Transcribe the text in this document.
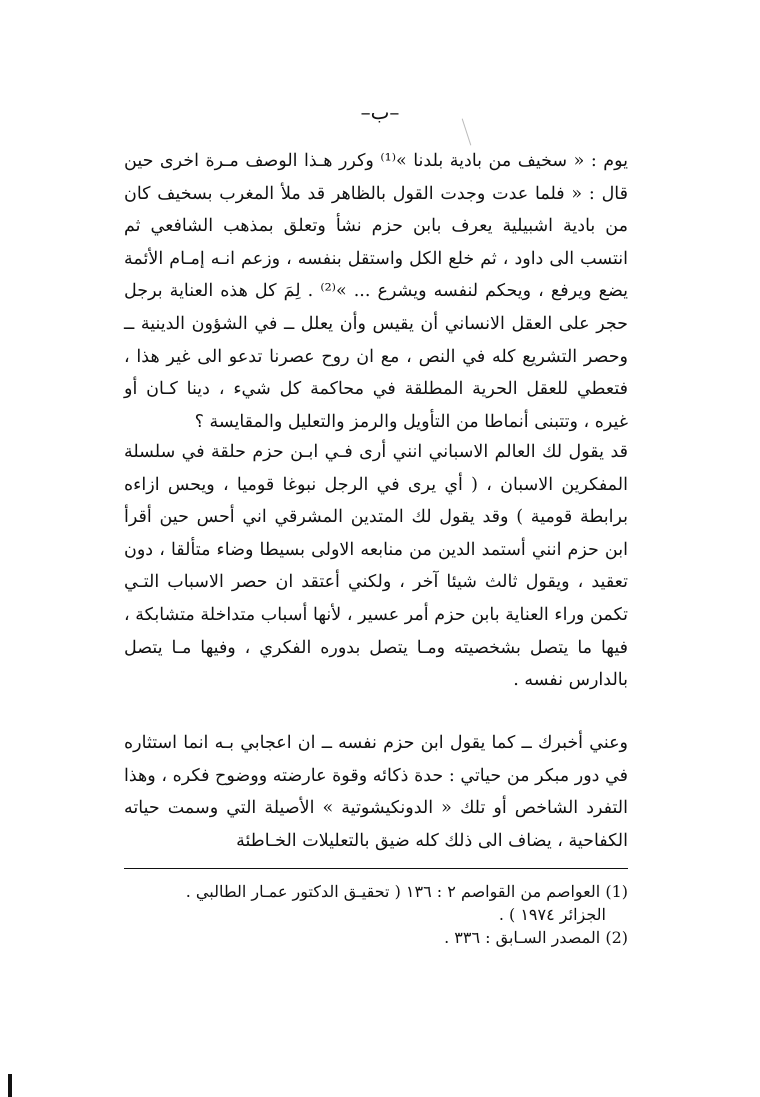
–ب–

يوم : « سخيف من بادية بلدنا »⁽¹⁾ وكرر هـذا الوصف مـرة اخرى حين قال : « فلما عدت وجدت القول بالظاهر قد ملأ المغرب بسخيف كان من بادية اشبيلية يعرف بابن حزم نشأ وتعلق بمذهب الشافعي ثم انتسب الى داود ، ثم خلع الكل واستقل بنفسه ، وزعم انـه إمـام الأئمة يضع ويرفع ، ويحكم لنفسه ويشرع ... »⁽²⁾ . لِمَ كل هذه العناية برجل حجر على العقل الانساني أن يقيس وأن يعلل ــ في الشؤون الدينية ــ وحصر التشريع كله في النص ، مع ان روح عصرنا تدعو الى غير هذا ، فتعطي للعقل الحرية المطلقة في محاكمة كل شيء ، دينا كـان أو غيره ، وتتبنى أنماطا من التأويل والرمز والتعليل والمقايسة ؟

قد يقول لك العالم الاسباني انني أرى فـي ابـن حزم حلقة في سلسلة المفكرين الاسبان ، ( أي يرى في الرجل نبوغا قوميا ، ويحس ازاءه برابطة قومية ) وقد يقول لك المتدين المشرقي اني أحس حين أقرأ ابن حزم انني أستمد الدين من منابعه الاولى بسيطا وضاء متألقا ، دون تعقيد ، ويقول ثالث شيئا آخر ، ولكني أعتقد ان حصر الاسباب التـي تكمن وراء العناية بابن حزم أمر عسير ، لأنها أسباب متداخلة متشابكة ، فيها ما يتصل بشخصيته ومـا يتصل بدوره الفكري ، وفيها مـا يتصل بالدارس نفسه .

وعني أخبرك ــ كما يقول ابن حزم نفسه ــ ان اعجابي بـه انما استثاره في دور مبكر من حياتي : حدة ذكائه وقوة عارضته ووضوح فكره ، وهذا التفرد الشاخص أو تلك « الدونكيشوتية » الأصيلة التي وسمت حياته الكفاحية ، يضاف الى ذلك كله ضيق بالتعليلات الخـاطئة

(1) العواصم من القواصم ٢ : ١٣٦ ( تحقيـق الدكتور عمـار الطالبي .
الجزائر ١٩٧٤ ) .

(2) المصدر السـابق : ٣٣٦ .
